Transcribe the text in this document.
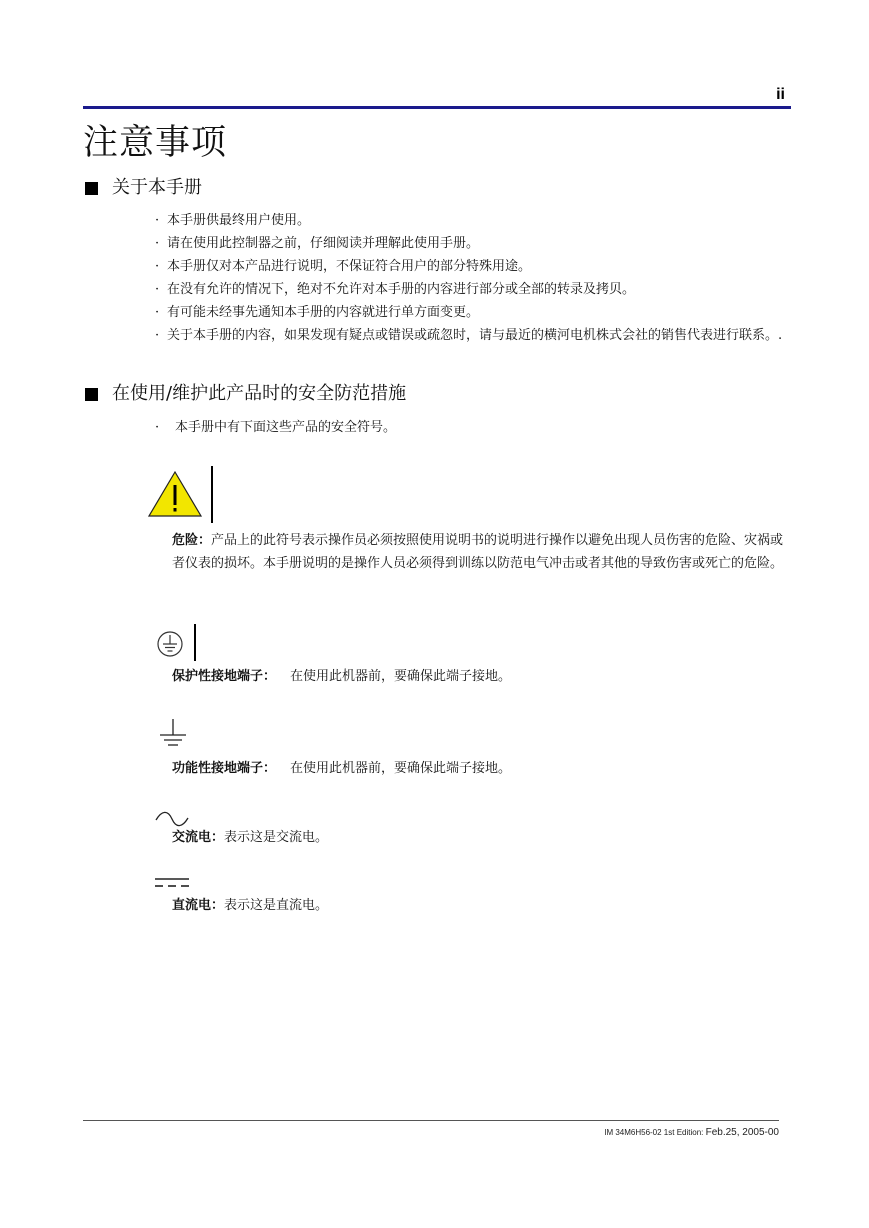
ii
注意事项
关于本手册
· 本手册供最终用户使用。
· 请在使用此控制器之前，仔细阅读并理解此使用手册。
· 本手册仅对本产品进行说明，不保证符合用户的部分特殊用途。
· 在没有允许的情况下，绝对不允许对本手册的内容进行部分或全部的转录及拷贝。
· 有可能未经事先通知本手册的内容就进行单方面变更。
· 关于本手册的内容，如果发现有疑点或错误或疏忽时，请与最近的横河电机株式会社的销售代表进行联系。.
在使用/维护此产品时的安全防范措施
·	本手册中有下面这些产品的安全符号。

危险：产品上的此符号表示操作员必须按照使用说明书的说明进行操作以避免出现人员伤害的危险、灾祸或者仪表的损坏。本手册说明的是操作人员必须得到训练以防范电气冲击或者其他的导致伤害或死亡的危险。

保护性接地端子： 在使用此机器前，要确保此端子接地。

功能性接地端子： 在使用此机器前，要确保此端子接地。

交流电：表示这是交流电。

直流电：表示这是直流电。

IM 34M6H56-02 1st Edition: Feb.25, 2005-00
